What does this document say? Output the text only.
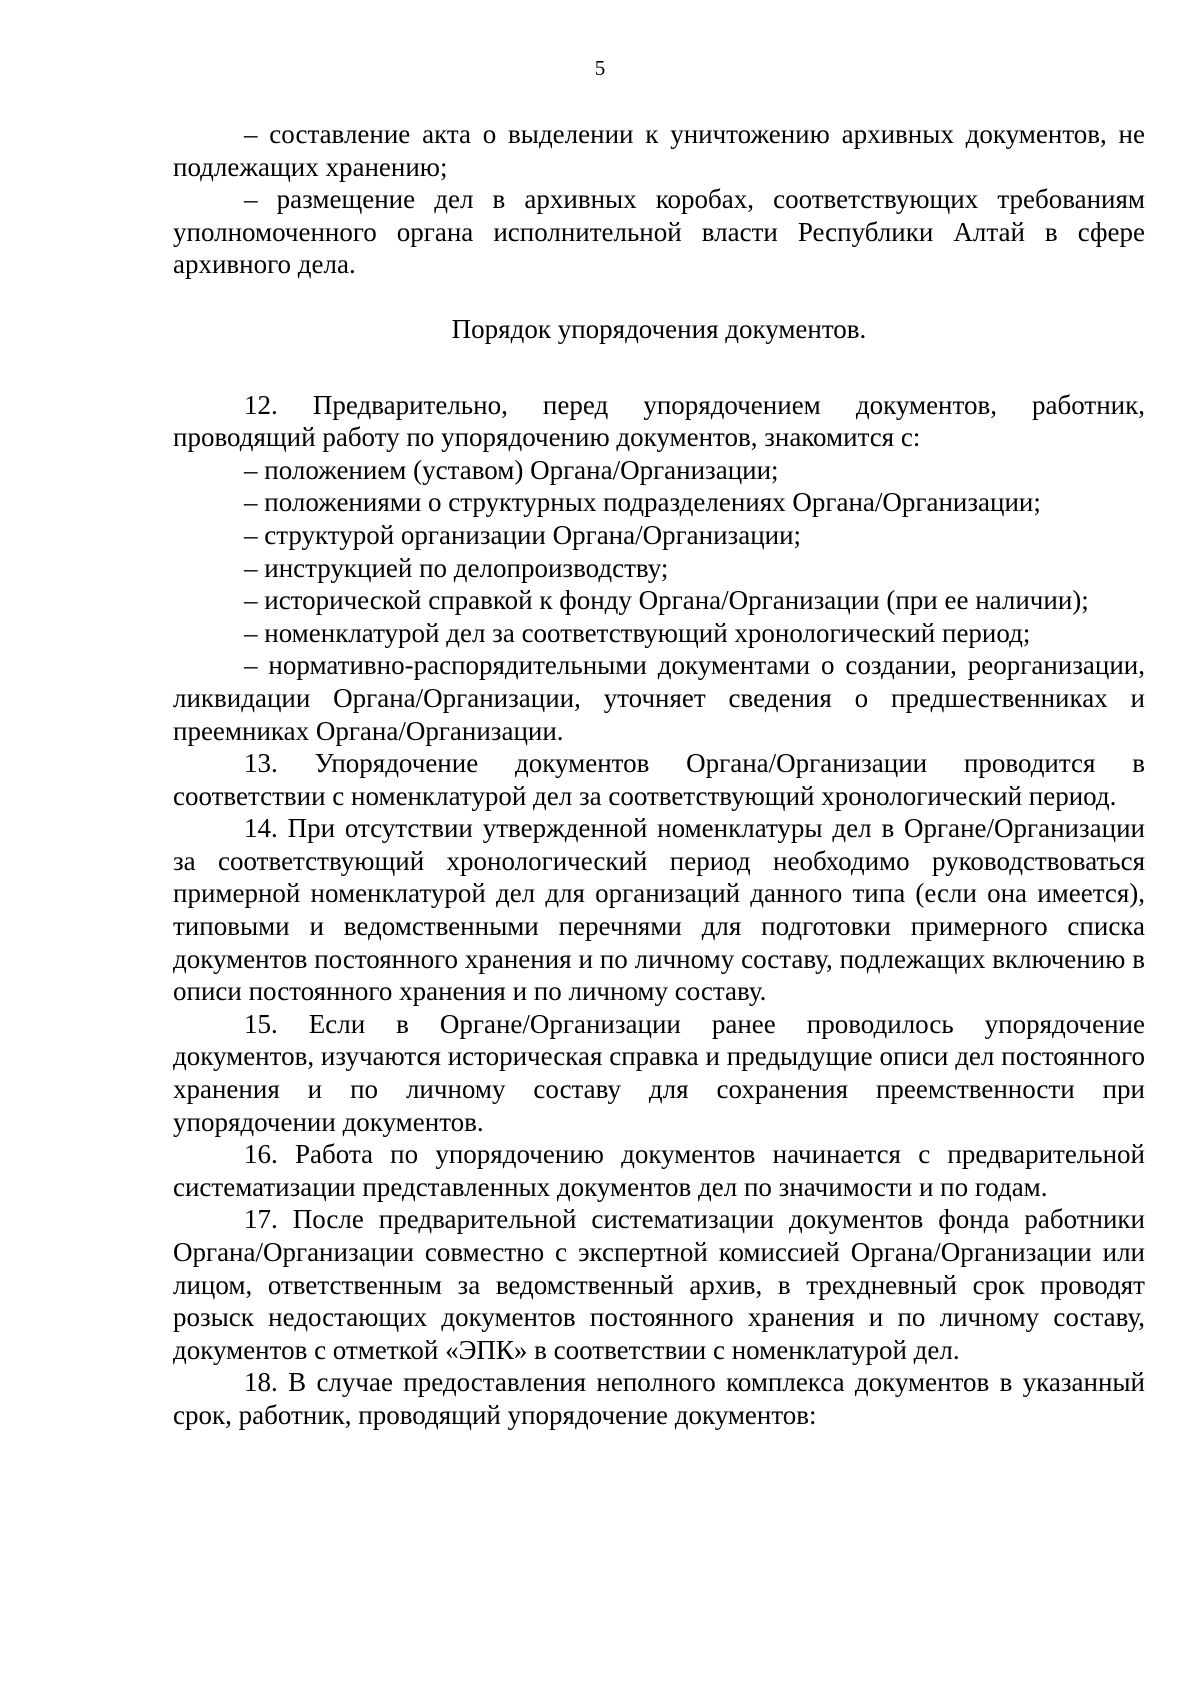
5

– составление акта о выделении к уничтожению архивных документов, не подлежащих хранению;

– размещение дел в архивных коробах, соответствующих требованиям уполномоченного органа исполнительной власти Республики Алтай в сфере архивного дела.

Порядок упорядочения документов.

12. Предварительно, перед упорядочением документов, работник, проводящий работу по упорядочению документов, знакомится с:

– положением (уставом) Органа/Организации;

– положениями о структурных подразделениях Органа/Организации;

– структурой организации Органа/Организации;

– инструкцией по делопроизводству;

– исторической справкой к фонду Органа/Организации (при ее наличии);

– номенклатурой дел за соответствующий хронологический период;

– нормативно-распорядительными документами о создании, реорганизации, ликвидации Органа/Организации, уточняет сведения о предшественниках и преемниках Органа/Организации.

13. Упорядочение документов Органа/Организации проводится в соответствии с номенклатурой дел за соответствующий хронологический период.

14. При отсутствии утвержденной номенклатуры дел в Органе/Организации за соответствующий хронологический период необходимо руководствоваться примерной номенклатурой дел для организаций данного типа (если она имеется), типовыми и ведомственными перечнями для подготовки примерного списка документов постоянного хранения и по личному составу, подлежащих включению в описи постоянного хранения и по личному составу.

15. Если в Органе/Организации ранее проводилось упорядочение документов, изучаются историческая справка и предыдущие описи дел постоянного хранения и по личному составу для сохранения преемственности при упорядочении документов.

16. Работа по упорядочению документов начинается с предварительной систематизации представленных документов дел по значимости и по годам.

17. После предварительной систематизации документов фонда работники Органа/Организации совместно с экспертной комиссией Органа/Организации или лицом, ответственным за ведомственный архив, в трехдневный срок проводят розыск недостающих документов постоянного хранения и по личному составу, документов с отметкой «ЭПК» в соответствии с номенклатурой дел.

18. В случае предоставления неполного комплекса документов в указанный срок, работник, проводящий упорядочение документов:
